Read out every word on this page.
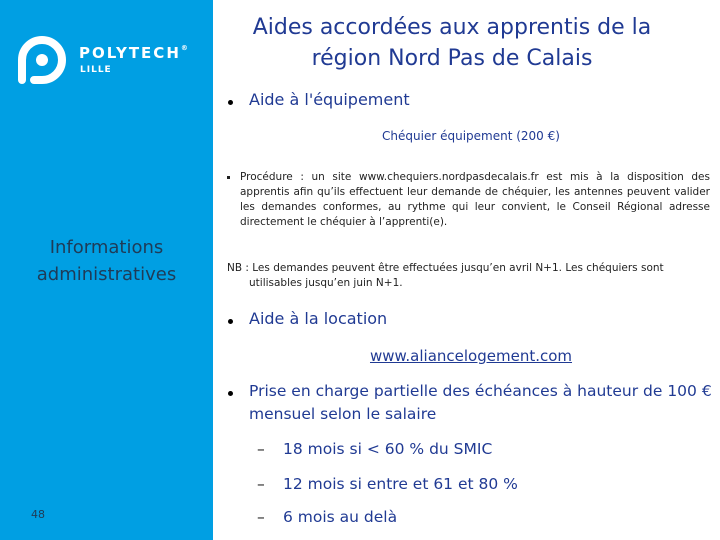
POLYTECH®
LILLE
Informations
administratives
48
Aides accordées aux apprentis de la
région Nord Pas de Calais
Aide à l'équipement
Chéquier équipement (200 €)
Procédure : un site www.chequiers.nordpasdecalais.fr est mis à la disposition des apprentis afin qu’ils effectuent leur demande de chéquier, les antennes peuvent valider les demandes conformes, au rythme qui leur convient, le Conseil Régional adresse directement le chéquier à l’apprenti(e).
NB : Les demandes peuvent être effectuées jusqu’en avril N+1. Les chéquiers sont
utilisables jusqu’en juin N+1.
Aide à la location
www.aliancelogement.com
Prise en charge partielle des échéances à hauteur de 100 € mensuel selon le salaire
– 18 mois si < 60 % du SMIC
– 12 mois si entre et 61 et 80 %
– 6 mois au delà
